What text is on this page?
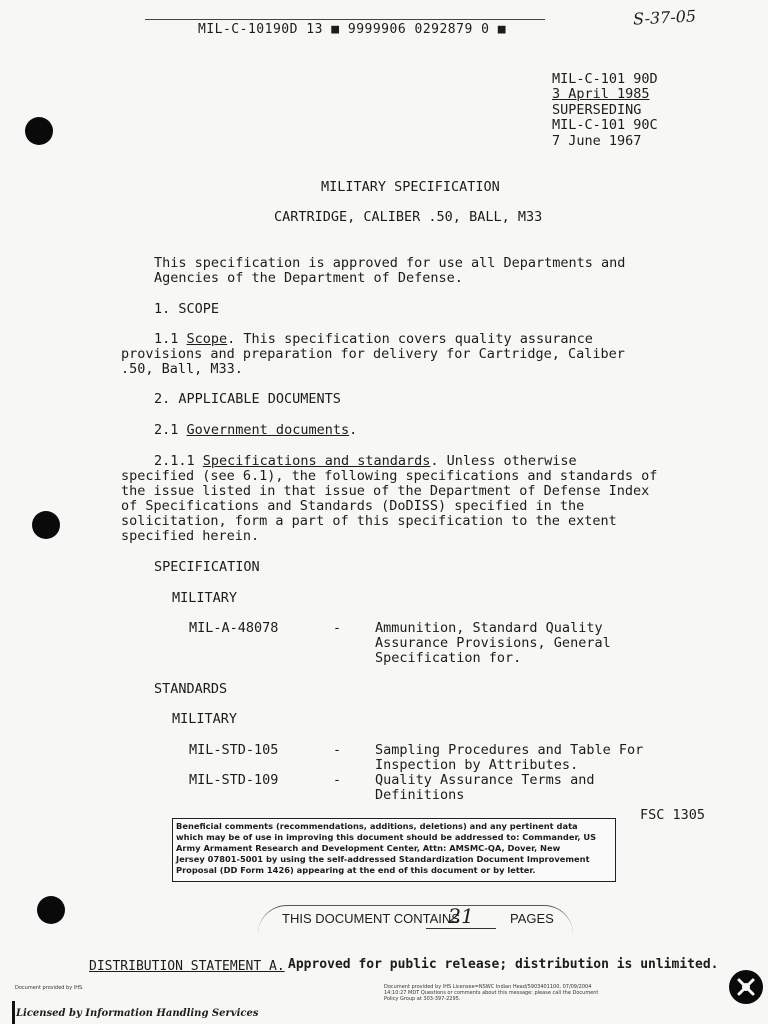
MIL-C-10190D 13 ■ 9999906 0292879 0 ■
S-37-05
MIL-C-101 90D
3 April 1985
SUPERSEDING
MIL-C-101 90C
7 June 1967
MILITARY SPECIFICATION
CARTRIDGE, CALIBER .50, BALL, M33
This specification is approved for use all Departments and
Agencies of the Department of Defense.
1. SCOPE
1.1 Scope. This specification covers quality assurance
provisions and preparation for delivery for Cartridge, Caliber
.50, Ball, M33.
2. APPLICABLE DOCUMENTS
2.1 Government documents.
2.1.1 Specifications and standards. Unless otherwise
specified (see 6.1), the following specifications and standards of
the issue listed in that issue of the Department of Defense Index
of Specifications and Standards (DoDISS) specified in the
solicitation, form a part of this specification to the extent
specified herein.
SPECIFICATION
MILITARY
MIL-A-48078	-	Ammunition, Standard Quality
Assurance Provisions, General
Specification for.
STANDARDS
MILITARY
MIL-STD-105	-	Sampling Procedures and Table For
Inspection by Attributes.
MIL-STD-109	-	Quality Assurance Terms and
Definitions
FSC 1305
Beneficial comments (recommendations, additions, deletions) and any pertinent data
which may be of use in improving this document should be addressed to: Commander, US
Army Armament Research and Development Center, Attn: AMSMC-QA, Dover, New
Jersey 07801-5001 by using the self-addressed Standardization Document Improvement
Proposal (DD Form 1426) appearing at the end of this document or by letter.
THIS DOCUMENT CONTAINS
21	PAGES
DISTRIBUTION STATEMENT A. Approved for public release; distribution is unlimited.
Document provided by IHS.	Document provided by IHS Licensee=NSWC Indian Head/5903401100, 07/09/2004
14:10:27 MDT Questions or comments about this message: please call the Document
Policy Group at 303-397-2295.
Licensed by Information Handling Services
